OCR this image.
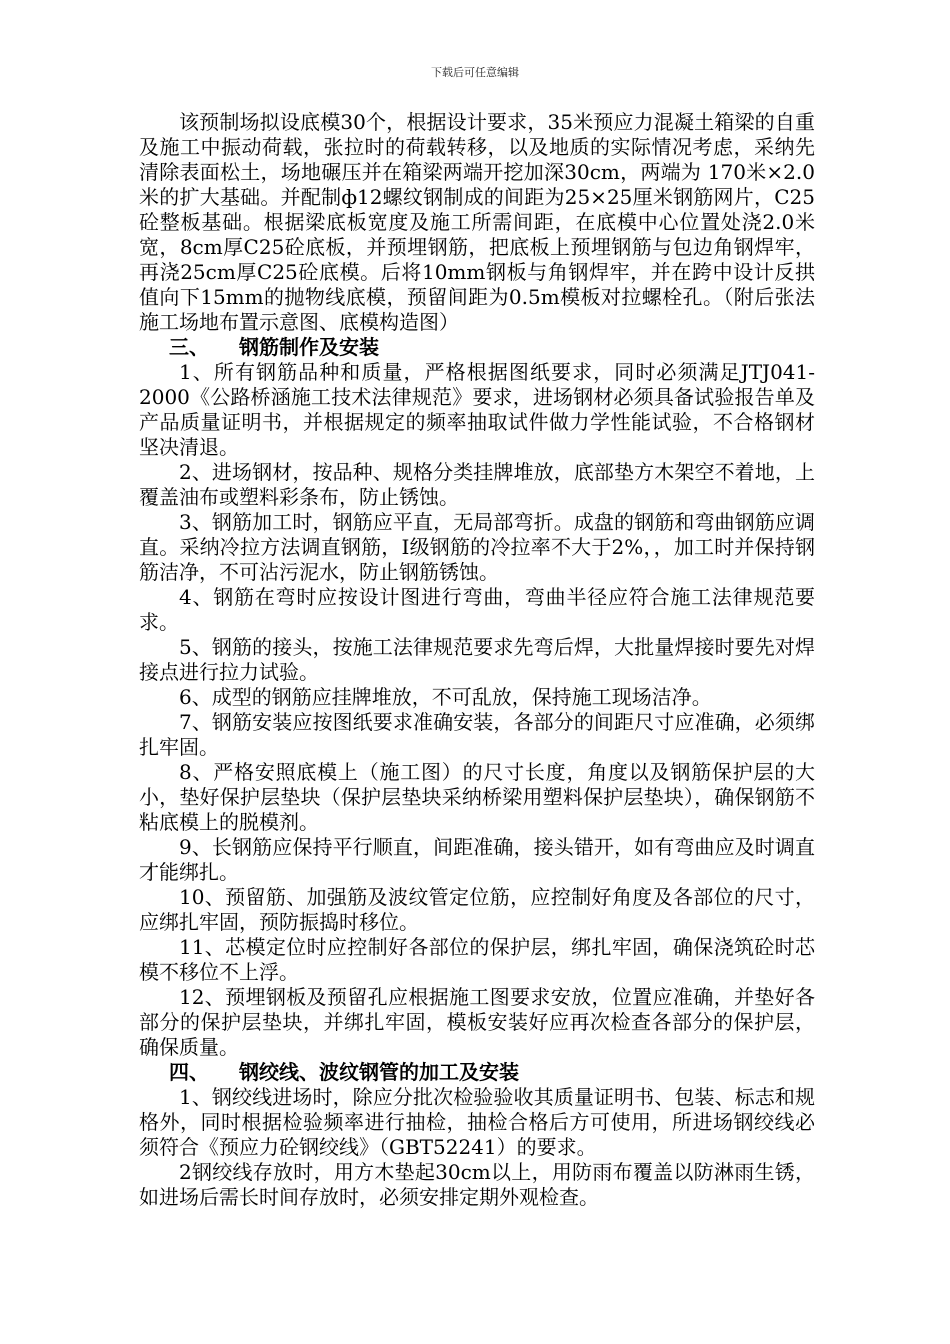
下载后可任意编辑

该预制场拟设底模30个，根据设计要求，35米预应力混凝土箱梁的自重及施工中振动荷载，张拉时的荷载转移，以及地质的实际情况考虑，采纳先清除表面松土，场地碾压并在箱梁两端开挖加深30cm，两端为 170米×2.0米的扩大基础。并配制ф12螺纹钢制成的间距为25×25厘米钢筋网片，C25砼整板基础。根据梁底板宽度及施工所需间距，在底模中心位置处浇2.0米宽，8cm厚C25砼底板，并预埋钢筋，把底板上预埋钢筋与包边角钢焊牢，再浇25cm厚C25砼底模。后将10mm钢板与角钢焊牢，并在跨中设计反拱值向下15mm的抛物线底模，预留间距为0.5m模板对拉螺栓孔。（附后张法施工场地布置示意图、底模构造图）

三、 钢筋制作及安装

1、所有钢筋品种和质量，严格根据图纸要求，同时必须满足JTJ041-2000《公路桥涵施工技术法律规范》要求，进场钢材必须具备试验报告单及产品质量证明书，并根据规定的频率抽取试件做力学性能试验，不合格钢材坚决清退。

2、进场钢材，按品种、规格分类挂牌堆放，底部垫方木架空不着地，上覆盖油布或塑料彩条布，防止锈蚀。

3、钢筋加工时，钢筋应平直，无局部弯折。成盘的钢筋和弯曲钢筋应调直。采纳冷拉方法调直钢筋，Ⅰ级钢筋的冷拉率不大于2%，，加工时并保持钢筋洁净，不可沾污泥水，防止钢筋锈蚀。

4、钢筋在弯时应按设计图进行弯曲，弯曲半径应符合施工法律规范要求。

5、钢筋的接头，按施工法律规范要求先弯后焊，大批量焊接时要先对焊接点进行拉力试验。

6、成型的钢筋应挂牌堆放，不可乱放，保持施工现场洁净。

7、钢筋安装应按图纸要求准确安装，各部分的间距尺寸应准确，必须绑扎牢固。

8、严格安照底模上（施工图）的尺寸长度，角度以及钢筋保护层的大小，垫好保护层垫块（保护层垫块采纳桥梁用塑料保护层垫块），确保钢筋不粘底模上的脱模剂。

9、长钢筋应保持平行顺直，间距准确，接头错开，如有弯曲应及时调直才能绑扎。

10、预留筋、加强筋及波纹管定位筋，应控制好角度及各部位的尺寸，应绑扎牢固，预防振捣时移位。

11、芯模定位时应控制好各部位的保护层，绑扎牢固，确保浇筑砼时芯模不移位不上浮。

12、预埋钢板及预留孔应根据施工图要求安放，位置应准确，并垫好各部分的保护层垫块，并绑扎牢固，模板安装好应再次检查各部分的保护层，确保质量。

四、 钢绞线、波纹钢管的加工及安装

1、钢绞线进场时，除应分批次检验验收其质量证明书、包装、标志和规格外，同时根据检验频率进行抽检，抽检合格后方可使用，所进场钢绞线必须符合《预应力砼钢绞线》（GBT52241）的要求。

2钢绞线存放时，用方木垫起30cm以上，用防雨布覆盖以防淋雨生锈，如进场后需长时间存放时，必须安排定期外观检查。
